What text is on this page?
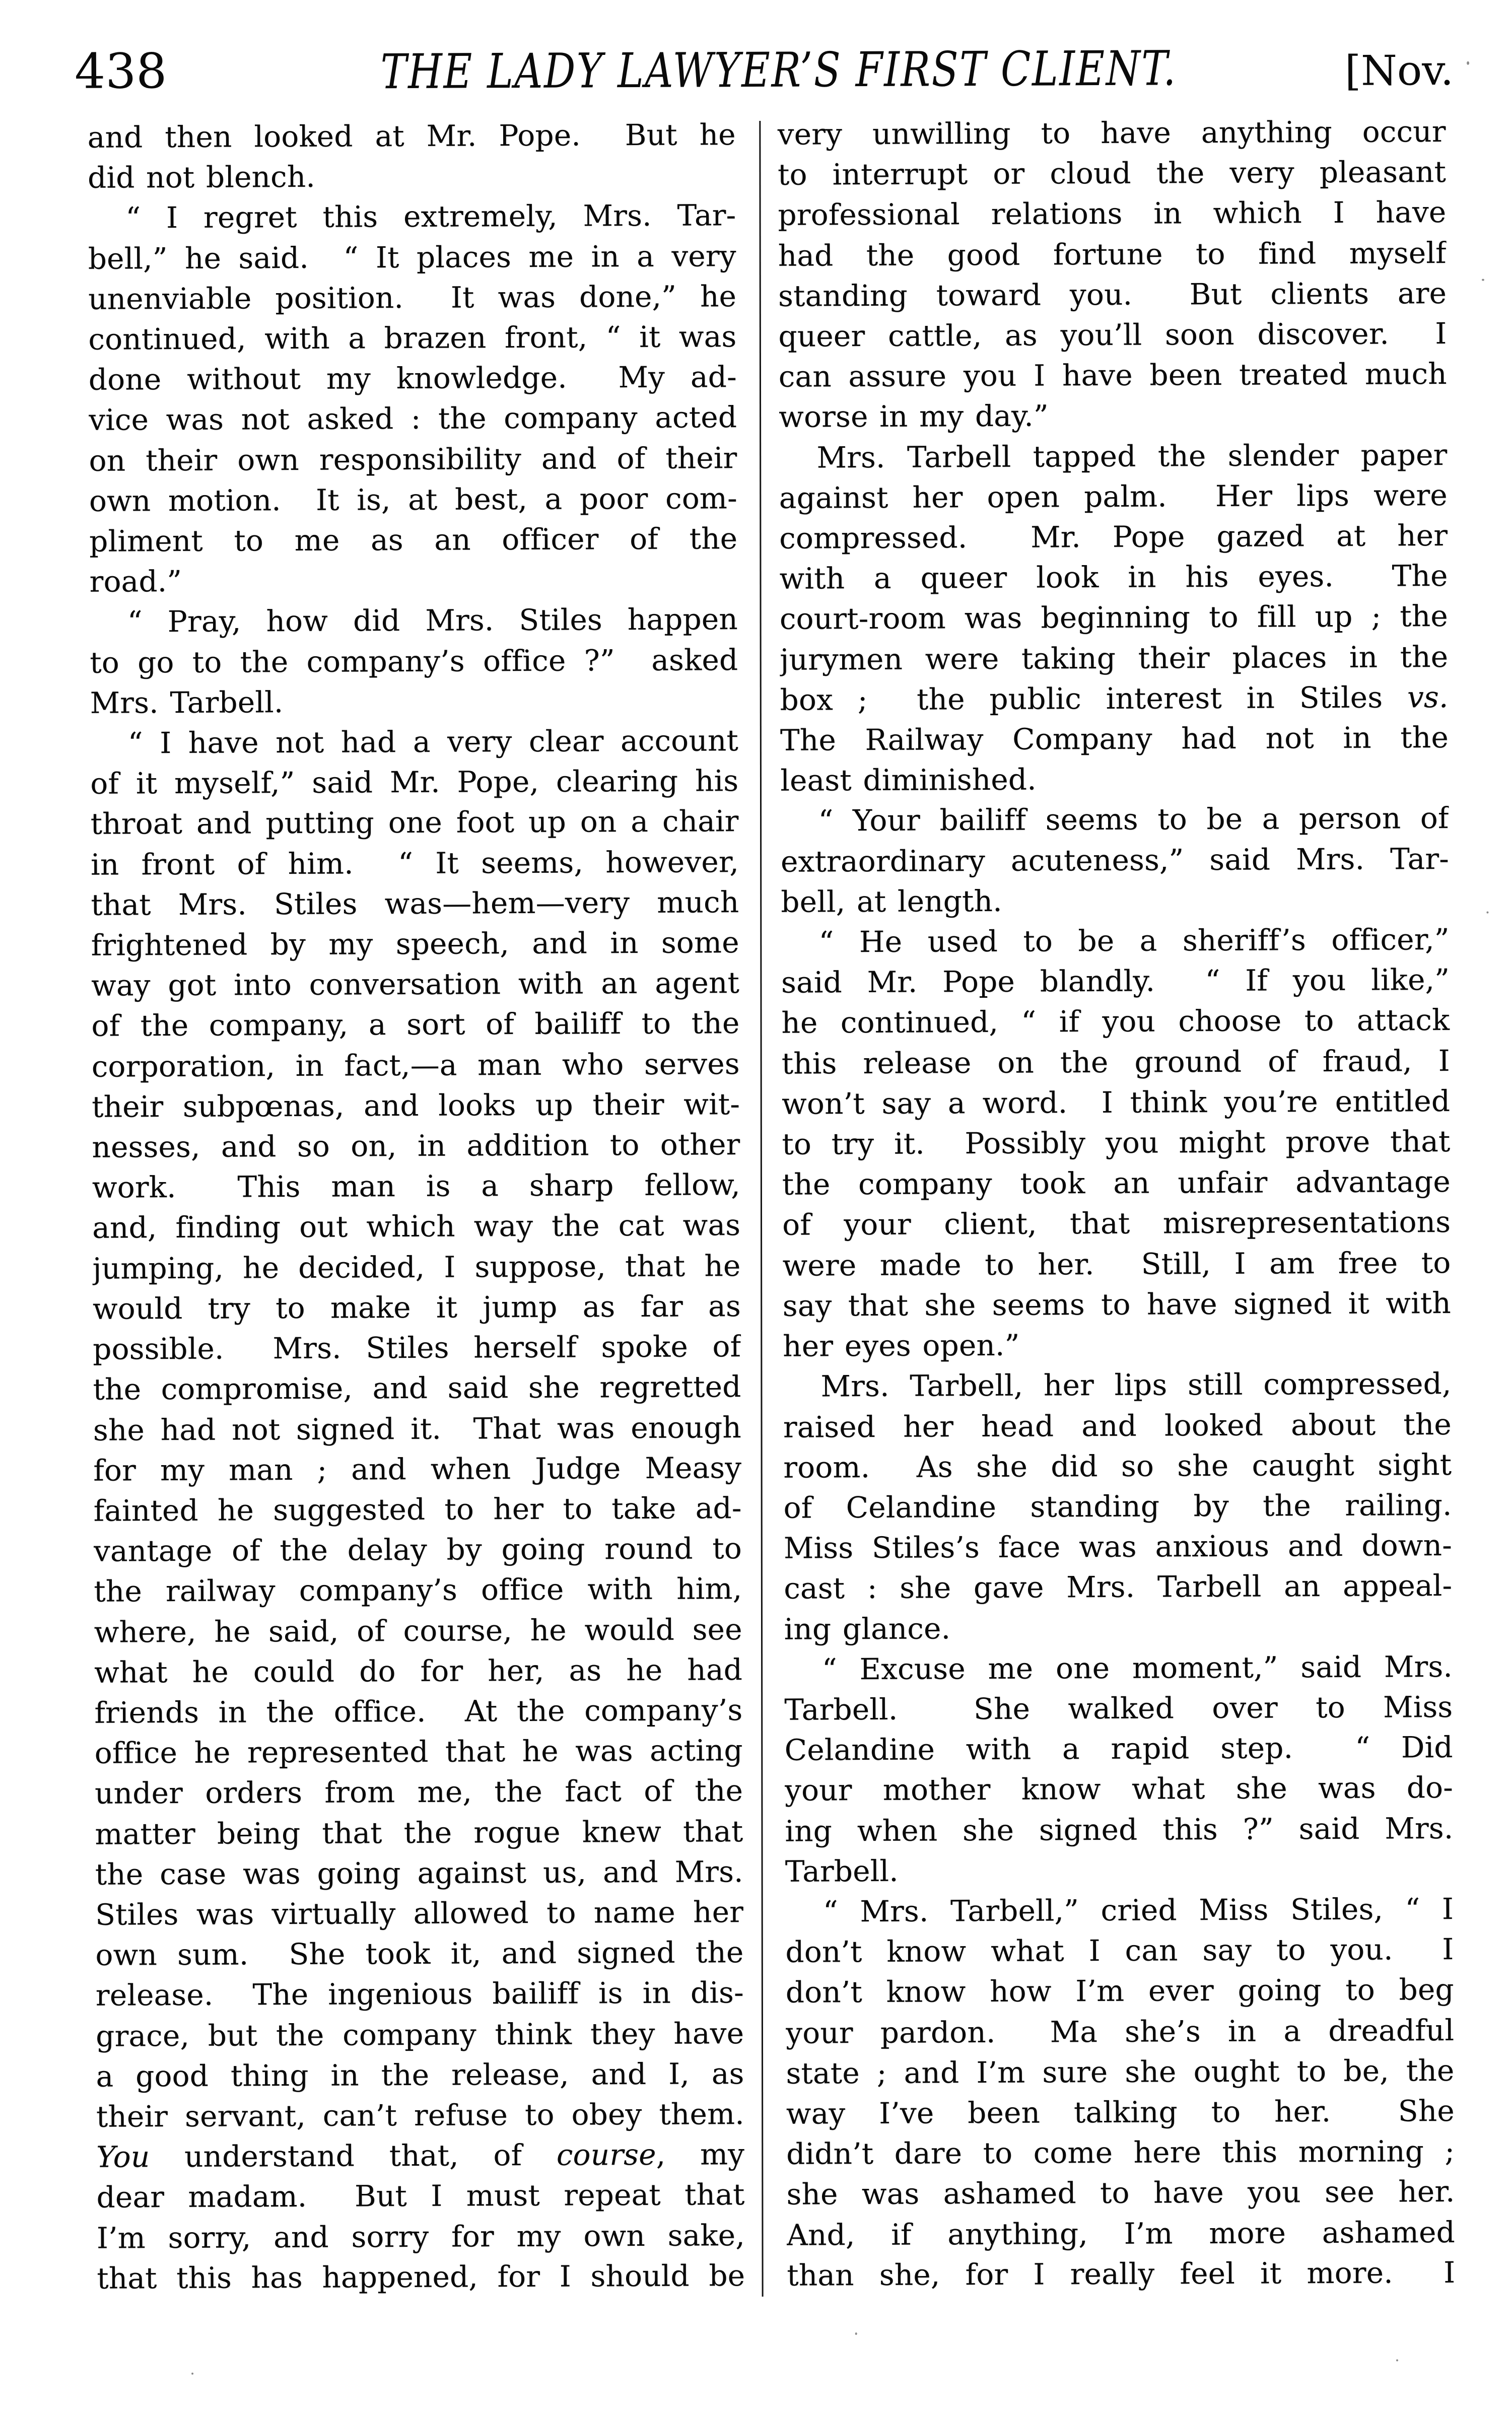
438	THE LADY LAWYER’S FIRST CLIENT.	[Nov.
and then looked at Mr. Pope.  But he
did not blench.
“ I regret this extremely, Mrs. Tar-
bell,” he said.  “ It places me in a very
unenviable position.  It was done,” he
continued, with a brazen front, “ it was
done without my knowledge.  My ad-
vice was not asked : the company acted
on their own responsibility and of their
own motion.  It is, at best, a poor com-
pliment to me as an officer of the
road.”
“ Pray, how did Mrs. Stiles happen
to go to the company’s office ?”  asked
Mrs. Tarbell.
“ I have not had a very clear account
of it myself,” said Mr. Pope, clearing his
throat and putting one foot up on a chair
in front of him.  “ It seems, however,
that Mrs. Stiles was—hem—very much
frightened by my speech, and in some
way got into conversation with an agent
of the company, a sort of bailiff to the
corporation, in fact,—a man who serves
their subpœnas, and looks up their wit-
nesses, and so on, in addition to other
work.  This man is a sharp fellow,
and, finding out which way the cat was
jumping, he decided, I suppose, that he
would try to make it jump as far as
possible.  Mrs. Stiles herself spoke of
the compromise, and said she regretted
she had not signed it.  That was enough
for my man ; and when Judge Measy
fainted he suggested to her to take ad-
vantage of the delay by going round to
the railway company’s office with him,
where, he said, of course, he would see
what he could do for her, as he had
friends in the office.  At the company’s
office he represented that he was acting
under orders from me, the fact of the
matter being that the rogue knew that
the case was going against us, and Mrs.
Stiles was virtually allowed to name her
own sum.  She took it, and signed the
release.  The ingenious bailiff is in dis-
grace, but the company think they have
a good thing in the release, and I, as
their servant, can’t refuse to obey them.
You understand that, of course, my
dear madam.  But I must repeat that
I’m sorry, and sorry for my own sake,
that this has happened, for I should be
very unwilling to have anything occur
to interrupt or cloud the very pleasant
professional relations in which I have
had the good fortune to find myself
standing toward you.  But clients are
queer cattle, as you’ll soon discover.  I
can assure you I have been treated much
worse in my day.”
Mrs. Tarbell tapped the slender paper
against her open palm.  Her lips were
compressed.  Mr. Pope gazed at her
with a queer look in his eyes.  The
court-room was beginning to fill up ; the
jurymen were taking their places in the
box ;  the public interest in Stiles vs.
The Railway Company had not in the
least diminished.
“ Your bailiff seems to be a person of
extraordinary acuteness,” said Mrs. Tar-
bell, at length.
“ He used to be a sheriff’s officer,”
said Mr. Pope blandly.  “ If you like,”
he continued, “ if you choose to attack
this release on the ground of fraud, I
won’t say a word.  I think you’re entitled
to try it.  Possibly you might prove that
the company took an unfair advantage
of your client, that misrepresentations
were made to her.  Still, I am free to
say that she seems to have signed it with
her eyes open.”
Mrs. Tarbell, her lips still compressed,
raised her head and looked about the
room.  As she did so she caught sight
of Celandine standing by the railing.
Miss Stiles’s face was anxious and down-
cast : she gave Mrs. Tarbell an appeal-
ing glance.
“ Excuse me one moment,” said Mrs.
Tarbell.  She walked over to Miss
Celandine with a rapid step.  “ Did
your mother know what she was do-
ing when she signed this ?” said Mrs.
Tarbell.
“ Mrs. Tarbell,” cried Miss Stiles, “ I
don’t know what I can say to you.  I
don’t know how I’m ever going to beg
your pardon.  Ma she’s in a dreadful
state ; and I’m sure she ought to be, the
way I’ve been talking to her.  She
didn’t dare to come here this morning ;
she was ashamed to have you see her.
And, if anything, I’m more ashamed
than she, for I really feel it more.  I
